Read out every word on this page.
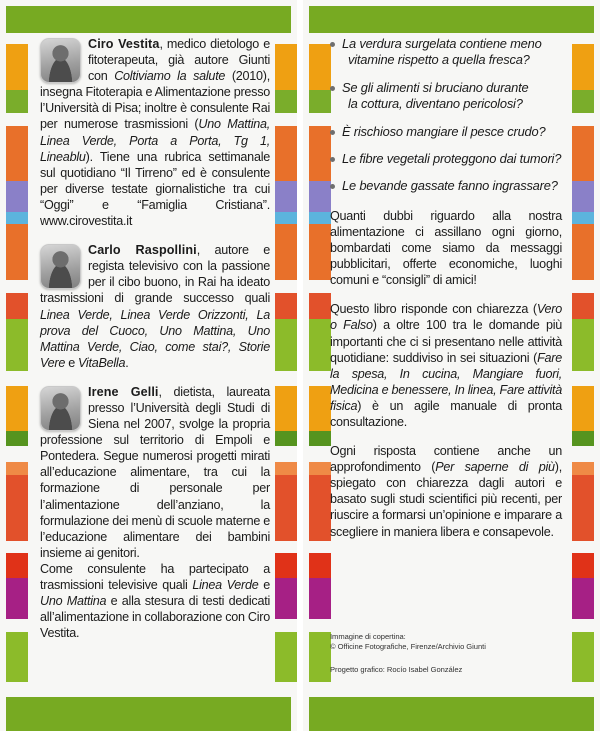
Ciro Vestita, medico dietologo e fitoterapeuta, già autore Giunti con Coltiviamo la salute (2010), insegna Fitoterapia e Alimentazione presso l’Università di Pisa; inoltre è consulente Rai per numerose trasmissioni (Uno Mattina, Linea Verde, Porta a Porta, Tg 1, Lineablu). Tiene una rubrica settimanale sul quotidiano “Il Tirreno” ed è consulente per diverse testate giornalistiche tra cui “Oggi” e “Famiglia Cristiana”. www.cirovestita.it

Carlo Raspollini, autore e regista televisivo con la passione per il cibo buono, in Rai ha ideato trasmissioni di grande successo quali Linea Verde, Linea Verde Orizzonti, La prova del Cuoco, Uno Mattina, Uno Mattina Verde, Ciao, come stai?, Storie Vere e VitaBella.

Irene Gelli, dietista, laureata presso l’Università degli Studi di Siena nel 2007, svolge la propria professione sul territorio di Empoli e Pontedera. Segue numerosi progetti mirati all’educazione alimentare, tra cui la formazione di personale per l’alimentazione dell’anziano, la formulazione dei menù di scuole materne e l’educazione alimentare dei bambini insieme ai genitori.
Come consulente ha partecipato a trasmissioni televisive quali Linea Verde e Uno Mattina e alla stesura di testi dedicati all’alimentazione in collaborazione con Ciro Vestita.

La verdura surgelata contiene meno
vitamine rispetto a quella fresca?
Se gli alimenti si bruciano durante
la cottura, diventano pericolosi?
È rischioso mangiare il pesce crudo?
Le fibre vegetali proteggono dai tumori?
Le bevande gassate fanno ingrassare?

Quanti dubbi riguardo alla nostra alimentazione ci assillano ogni giorno, bombardati come siamo da messaggi pubblicitari, offerte economiche, luoghi comuni e “consigli” di amici!

Questo libro risponde con chiarezza (Vero o Falso) a oltre 100 tra le domande più importanti che ci si presentano nelle attività quotidiane: suddiviso in sei situazioni (Fare la spesa, In cucina, Mangiare fuori, Medicina e benessere, In linea, Fare attività fisica) è un agile manuale di pronta consultazione.

Ogni risposta contiene anche un approfondimento (Per saperne di più), spiegato con chiarezza dagli autori e basato sugli studi scientifici più recenti, per riuscire a formarsi un’opinione e imparare a scegliere in maniera libera e consapevole.

Immagine di copertina:
© Officine Fotografiche, Firenze/Archivio Giunti
Progetto grafico: Rocío Isabel González
